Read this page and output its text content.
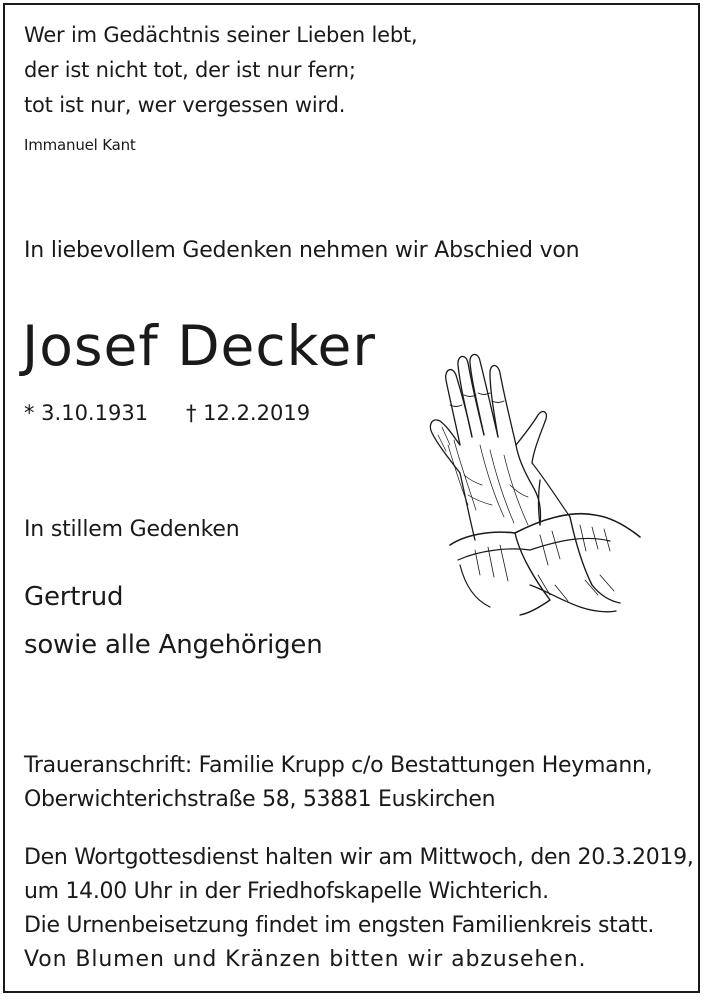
Wer im Gedächtnis seiner Lieben lebt,
der ist nicht tot, der ist nur fern;
tot ist nur, wer vergessen wird.
Immanuel Kant
In liebevollem Gedenken nehmen wir Abschied von
Josef Decker
* 3.10.1931 † 12.2.2019
In stillem Gedenken
Gertrud
sowie alle Angehörigen
Traueranschrift: Familie Krupp c/o Bestattungen Heymann,
Oberwichterichstraße 58, 53881 Euskirchen
Den Wortgottesdienst halten wir am Mittwoch, den 20.3.2019,
um 14.00 Uhr in der Friedhofskapelle Wichterich.
Die Urnenbeisetzung findet im engsten Familienkreis statt.
Von Blumen und Kränzen bitten wir abzusehen.
